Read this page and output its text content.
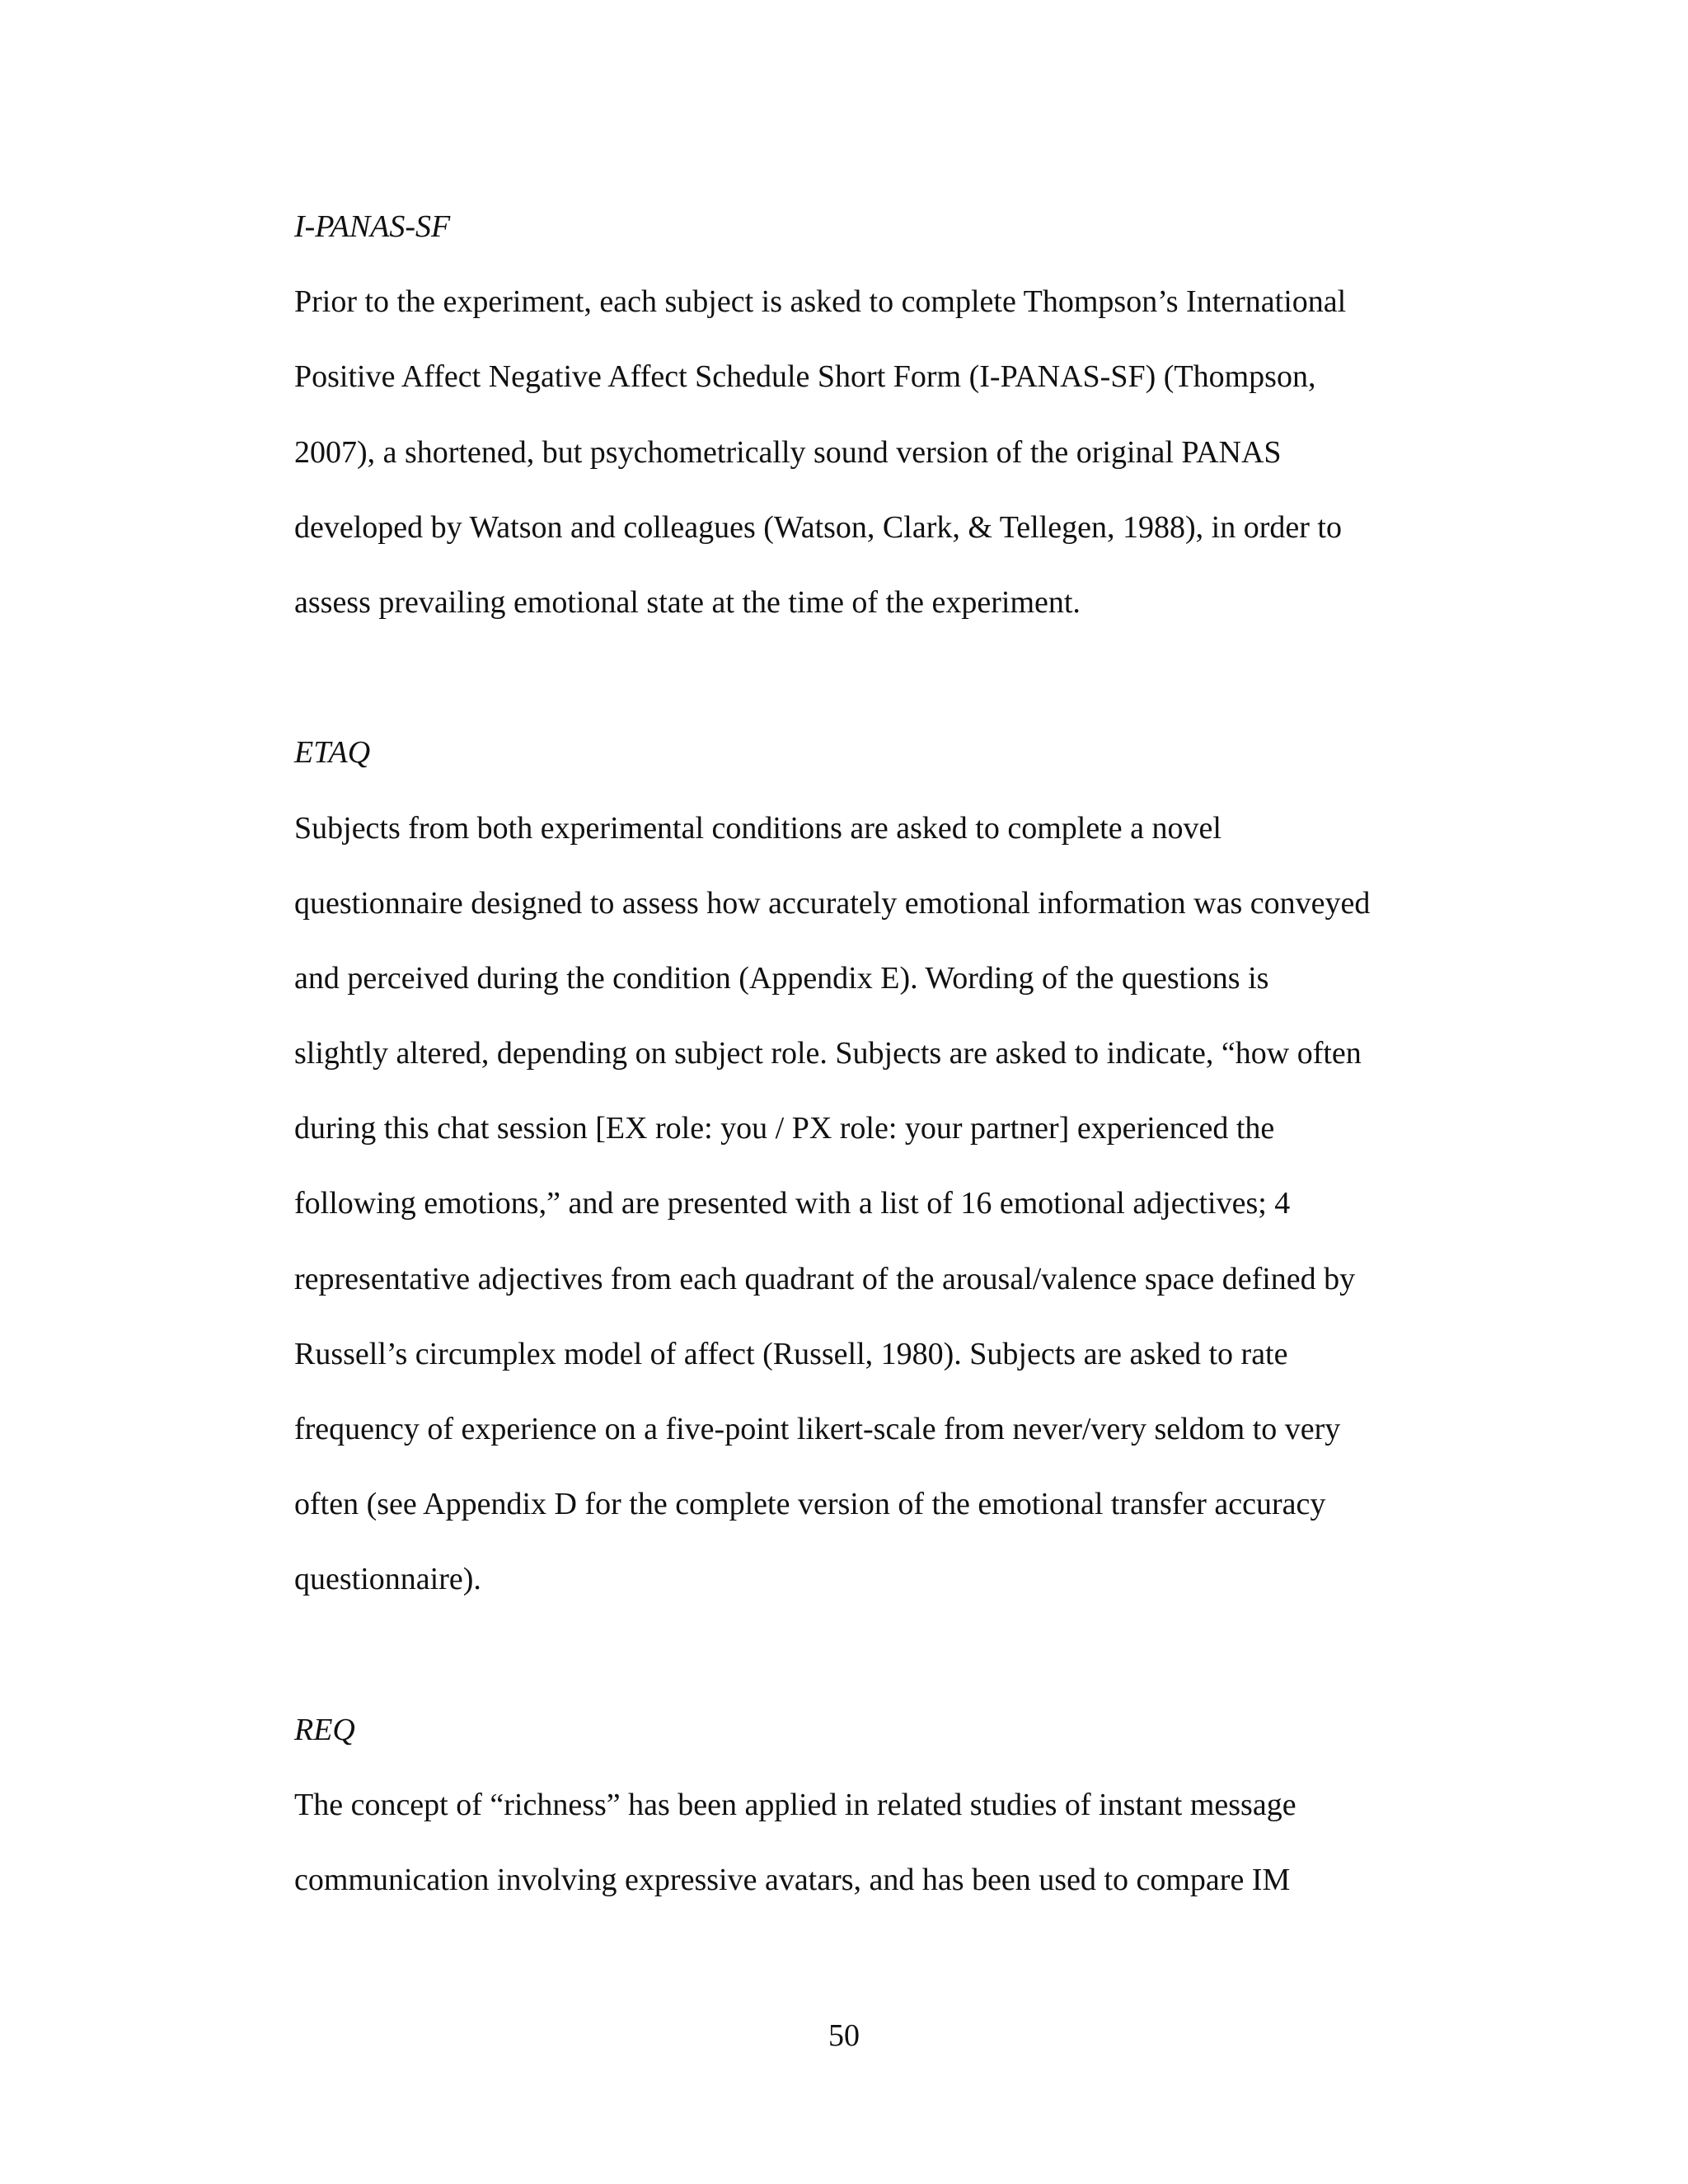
I-PANAS-SF
Prior to the experiment, each subject is asked to complete Thompson’s International
Positive Affect Negative Affect Schedule Short Form (I-PANAS-SF) (Thompson,
2007), a shortened, but psychometrically sound version of the original PANAS
developed by Watson and colleagues (Watson, Clark, & Tellegen, 1988), in order to
assess prevailing emotional state at the time of the experiment.
ETAQ
Subjects from both experimental conditions are asked to complete a novel
questionnaire designed to assess how accurately emotional information was conveyed
and perceived during the condition (Appendix E). Wording of the questions is
slightly altered, depending on subject role. Subjects are asked to indicate, “how often
during this chat session [EX role: you / PX role: your partner] experienced the
following emotions,” and are presented with a list of 16 emotional adjectives; 4
representative adjectives from each quadrant of the arousal/valence space defined by
Russell’s circumplex model of affect (Russell, 1980). Subjects are asked to rate
frequency of experience on a five-point likert-scale from never/very seldom to very
often (see Appendix D for the complete version of the emotional transfer accuracy
questionnaire).
REQ
The concept of “richness” has been applied in related studies of instant message
communication involving expressive avatars, and has been used to compare IM
50
